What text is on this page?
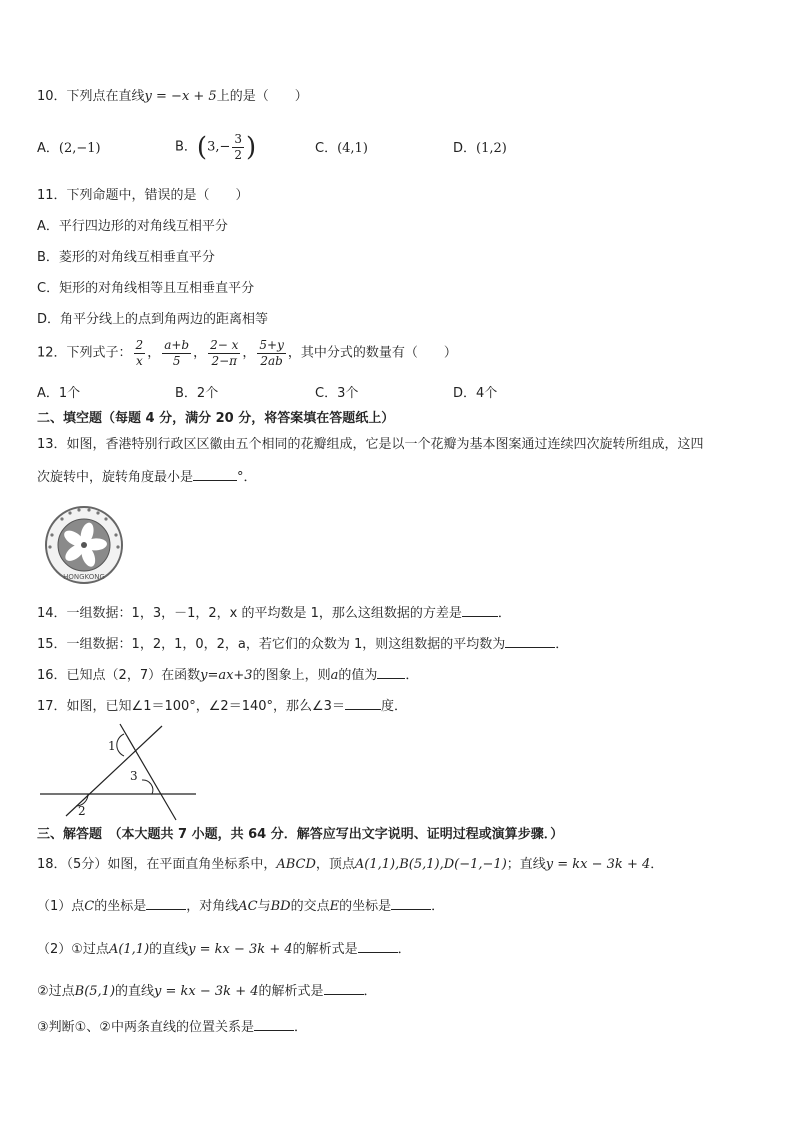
10．下列点在直线y = −x + 5上的是（　　）
A．(2,−1)	B．($3,- \frac{3}{2}$ )	C．(4,1)	D．(1,2)
11．下列命题中，错误的是（　　）
A．平行四边形的对角线互相平分
B．菱形的对角线互相垂直平分
C．矩形的对角线相等且互相垂直平分
D．角平分线上的点到角两边的距离相等
12．下列式子： $\frac{2}{x}$ ， $\frac{a+b}{5}$ ， $\frac{2- x}{2-\pi}$ ， $\frac{5+y}{2ab}$ ，其中分式的数量有（　　）
A．1个	B．2个	C．3个	D．4个
二、填空题（每题 4 分，满分 20 分，将答案填在答题纸上）
13．如图，香港特别行政区区徽由五个相同的花瓣组成，它是以一个花瓣为基本图案通过连续四次旋转所组成，这四
次旋转中，旋转角度最小是	°．
HONGKONG
14．一组数据：1，3，－1，2，x 的平均数是 1，那么这组数据的方差是	．
15．一组数据：1，2，1，0，2，a，若它们的众数为 1，则这组数据的平均数为	．
16．已知点（2，7）在函数y=ax+3的图象上，则a的值为 ．
17．如图，已知∠1＝100°，∠2＝140°，那么∠3＝	度．
1
2
3
三、解答题　（本大题共 7 小题，共 64 分．解答应写出文字说明、证明过程或演算步骤．）
18．（5分）如图，在平面直角坐标系中，ABCD，顶点A(1,1),B(5,1),D(−1,−1)；直线y = kx − 3k + 4．
（1）点C的坐标是	，对角线AC与BD的交点E的坐标是	．
（2）①过点A(1,1)的直线y = kx − 3k + 4的解析式是	．
②过点B(5,1)的直线y = kx − 3k + 4的解析式是	．
③判断①、②中两条直线的位置关系是	．
